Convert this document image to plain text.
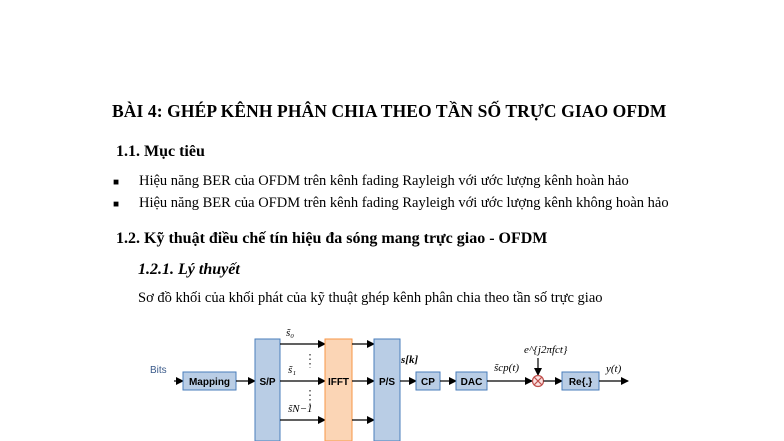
BÀI 4: GHÉP KÊNH PHÂN CHIA THEO TẦN SỐ TRỰC GIAO OFDM
1.1. Mục tiêu
■ Hiệu năng BER của OFDM trên kênh fading Rayleigh với ước lượng kênh hoàn hảo
■ Hiệu năng BER của OFDM trên kênh fading Rayleigh với ước lượng kênh không hoàn hảo
1.2. Kỹ thuật điều chế tín hiệu đa sóng mang trực giao - OFDM
1.2.1. Lý thuyết
Sơ đồ khối của khối phát của kỹ thuật ghép kênh phân chia theo tần số trực giao
Bits
Mapping	S/P
s̃₀
s̃₁
s̃N−1
IFFT	P/S
s[k]
CP	DAC
s̃cp(t)
e^{j2πfct}
Re{.}
y(t)
